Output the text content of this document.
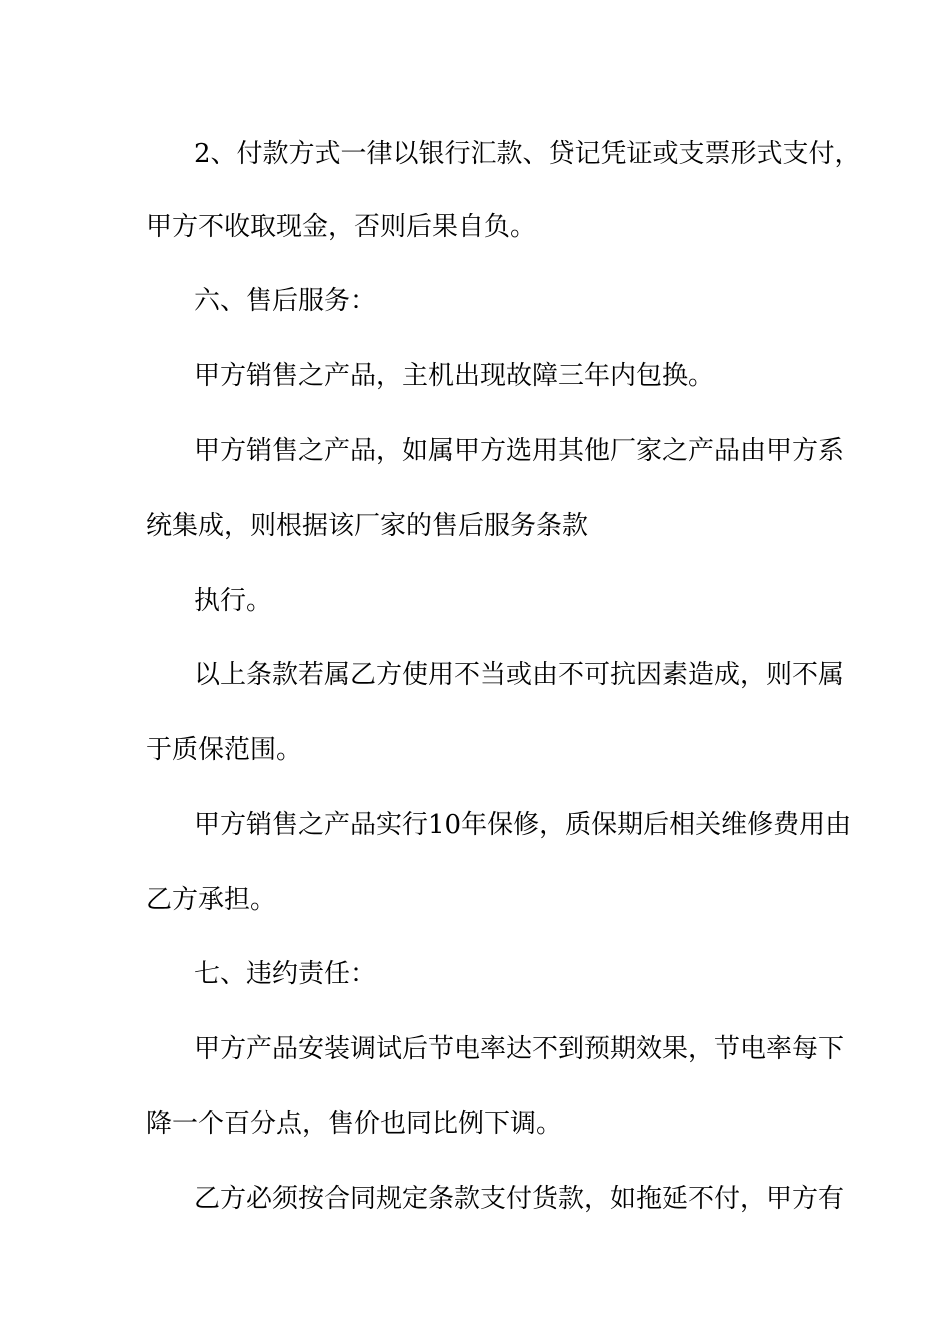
2、付款方式一律以银行汇款、贷记凭证或支票形式支付，
甲方不收取现金，否则后果自负。
六、售后服务：
甲方销售之产品，主机出现故障三年内包换。
甲方销售之产品，如属甲方选用其他厂家之产品由甲方系
统集成，则根据该厂家的售后服务条款
执行。
以上条款若属乙方使用不当或由不可抗因素造成，则不属
于质保范围。
甲方销售之产品实行10年保修，质保期后相关维修费用由
乙方承担。
七、违约责任：
甲方产品安装调试后节电率达不到预期效果，节电率每下
降一个百分点，售价也同比例下调。
乙方必须按合同规定条款支付货款，如拖延不付，甲方有
